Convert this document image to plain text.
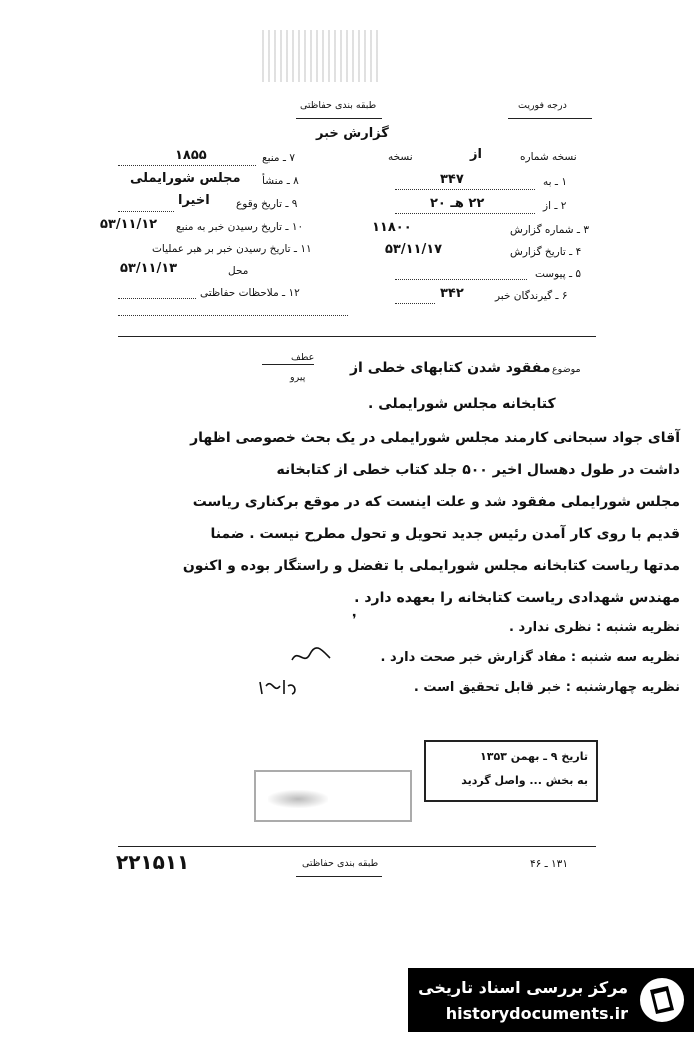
طبقه بندی حفاظتی	درجه فوریت
گزارش خبر
نسخه شماره
از
نسخه
۱ ـ به
۳۴۷
۲ ـ از
۲۲ هـ ۲۰
۳ ـ شماره گزارش
۱۱۸۰۰
۴ ـ تاریخ گزارش
۵۳/۱۱/۱۷
۵ ـ پیوست
۶ ـ گیرندگان خبر
۳۴۲
۷ ـ منبع
۱۸۵۵
۸ ـ منشأ
مجلس شورایملی
۹ ـ تاریخ وقوع
اخیرا
۱۰ ـ تاریخ رسیدن خبر به منبع
۵۳/۱۱/۱۲
۱۱ ـ تاریخ رسیدن خبر بر هبر عملیات
محل
۵۳/۱۱/۱۳
۱۲ ـ ملاحظات حفاظتی
عطف
پیرو
موضوع
مفقود شدن کتابهای خطی از
کتابخانه مجلس شورایملی .
آقای جواد سبحانی کارمند مجلس شورایملی در یک بحث خصوصی اظهار
داشت در طول دهسال اخیر ۵۰۰ جلد کتاب خطی از کتابخانه
مجلس شورایملی مفقود شد و علت اینست که در موقع برکناری ریاست
قدیم با روی کار آمدن رئیس جدید تحویل و تحول مطرح نیست . ضمنا
مدتها ریاست کتابخانه مجلس شورایملی با تفضل و راستگار بوده و اکنون
مهندس شهدادی ریاست کتابخانه را بعهده دارد .
نظریه شنبه : نظری ندارد .
❜
نظریه سه شنبه : مفاد گزارش خبر صحت دارد .
نظریه چهارشنبه : خبر قابل تحقیق است .
تاریخ ۹ ـ بهمن ۱۳۵۳
به بخش ... واصل گردید
طبقه بندی حفاظتی	۱۳۱ ـ ۴۶
۲۲۱۵۱۱
مرکز بررسی اسناد تاریخی
historydocuments.ir
